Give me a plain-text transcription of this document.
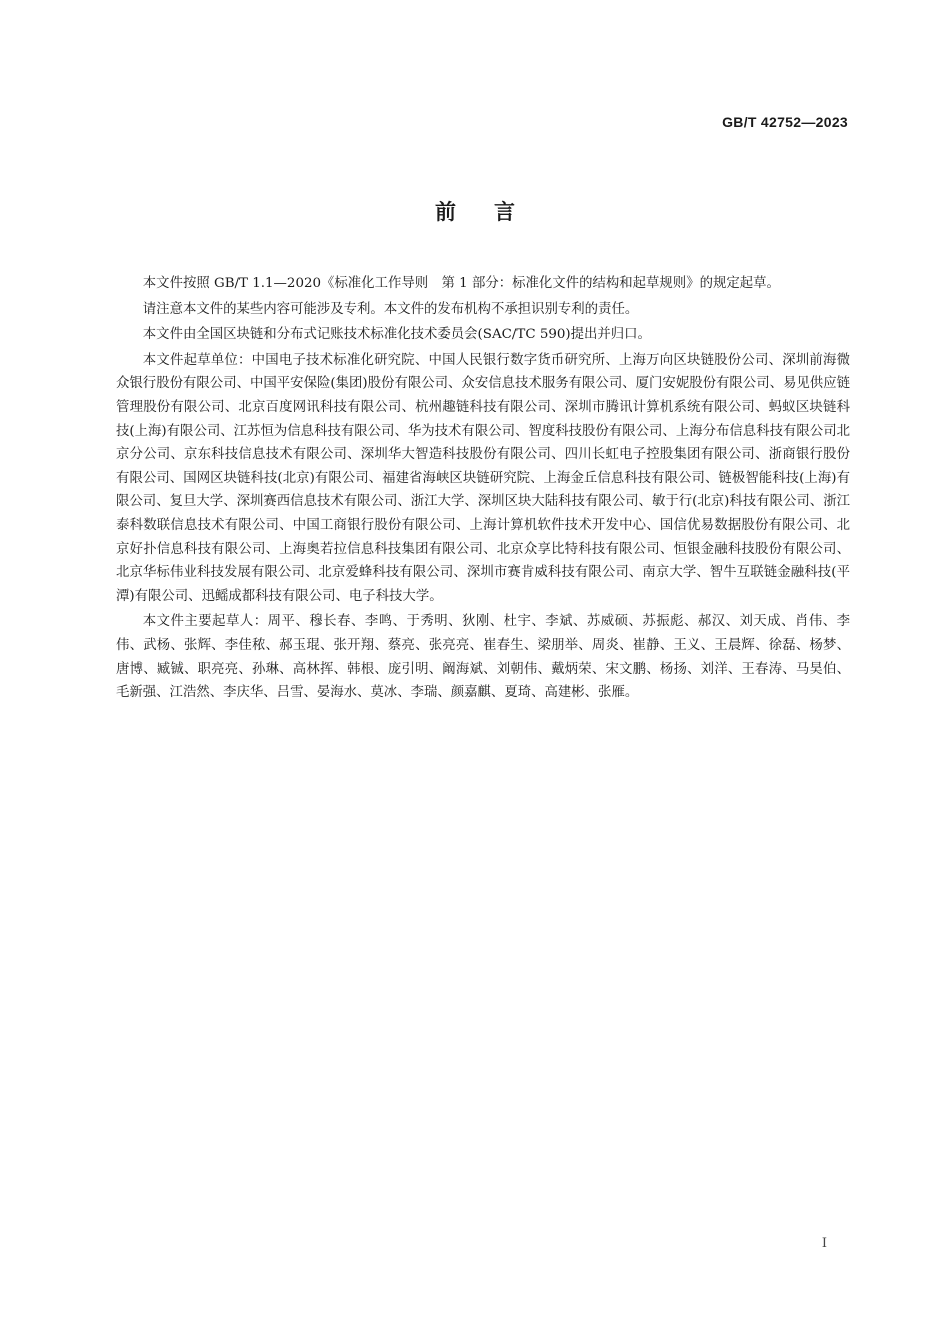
GB/T 42752—2023
前言

本文件按照 GB/T 1.1—2020《标准化工作导则　第 1 部分：标准化文件的结构和起草规则》的规定起草。

请注意本文件的某些内容可能涉及专利。本文件的发布机构不承担识别专利的责任。

本文件由全国区块链和分布式记账技术标准化技术委员会(SAC/TC 590)提出并归口。

本文件起草单位：中国电子技术标准化研究院、中国人民银行数字货币研究所、上海万向区块链股份公司、深圳前海微众银行股份有限公司、中国平安保险(集团)股份有限公司、众安信息技术服务有限公司、厦门安妮股份有限公司、易见供应链管理股份有限公司、北京百度网讯科技有限公司、杭州趣链科技有限公司、深圳市腾讯计算机系统有限公司、蚂蚁区块链科技(上海)有限公司、江苏恒为信息科技有限公司、华为技术有限公司、智度科技股份有限公司、上海分布信息科技有限公司北京分公司、京东科技信息技术有限公司、深圳华大智造科技股份有限公司、四川长虹电子控股集团有限公司、浙商银行股份有限公司、国网区块链科技(北京)有限公司、福建省海峡区块链研究院、上海金丘信息科技有限公司、链极智能科技(上海)有限公司、复旦大学、深圳赛西信息技术有限公司、浙江大学、深圳区块大陆科技有限公司、敏于行(北京)科技有限公司、浙江泰科数联信息技术有限公司、中国工商银行股份有限公司、上海计算机软件技术开发中心、国信优易数据股份有限公司、北京好扑信息科技有限公司、上海奥若拉信息科技集团有限公司、北京众享比特科技有限公司、恒银金融科技股份有限公司、北京华标伟业科技发展有限公司、北京爱蜂科技有限公司、深圳市赛肯威科技有限公司、南京大学、智牛互联链金融科技(平潭)有限公司、迅鳐成都科技有限公司、电子科技大学。

本文件主要起草人：周平、穆长春、李鸣、于秀明、狄刚、杜宇、李斌、苏威硕、苏振彪、郝汉、刘天成、肖伟、李伟、武杨、张辉、李佳秾、郝玉琨、张开翔、蔡亮、张亮亮、崔春生、梁朋举、周炎、崔静、王义、王晨辉、徐磊、杨梦、唐博、臧铖、职亮亮、孙琳、高林挥、韩根、庞引明、阚海斌、刘朝伟、戴炳荣、宋文鹏、杨扬、刘洋、王春涛、马昊伯、毛新强、江浩然、李庆华、吕雪、晏海水、莫冰、李瑞、颜嘉麒、夏琦、高建彬、张雁。

I
